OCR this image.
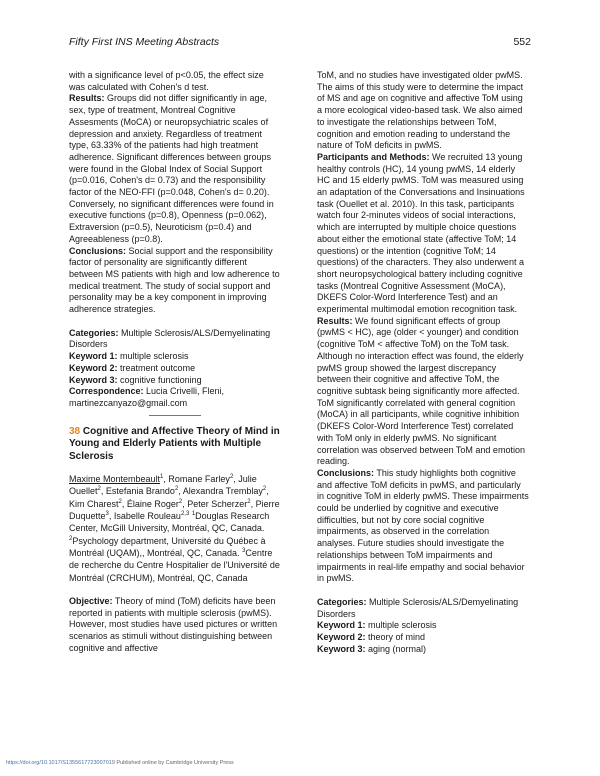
Fifty First INS Meeting Abstracts	552

with a significance level of p<0.05, the effect size was calculated with Cohen's d test.

Results: Groups did not differ significantly in age, sex, type of treatment, Montreal Cognitive Assesments (MoCA) or neuropsychiatric scales of depression and anxiety. Regardless of treatment type, 63.33% of the patients had high treatment adherence. Significant differences between groups were found in the Global Index of Social Support (p=0.016, Cohen's d= 0.73) and the responsibility factor of the NEO-FFI (p=0.048, Cohen's d= 0.20). Conversely, no significant differences were found in executive functions (p=0.8), Openness (p=0.062), Extraversion (p=0.5), Neuroticism (p=0.4) and Agreeableness (p=0.8).

Conclusions: Social support and the responsibility factor of personality are significantly different between MS patients with high and low adherence to medical treatment. The study of social support and personality may be a key component in improving adherence strategies.

Categories: Multiple Sclerosis/ALS/Demyelinating Disorders

Keyword 1: multiple sclerosis

Keyword 2: treatment outcome

Keyword 3: cognitive functioning

Correspondence: Lucia Crivelli, Fleni, martinezcanyazo@gmail.com

38 Cognitive and Affective Theory of Mind in Young and Elderly Patients with Multiple Sclerosis

Maxime Montembeault$^1$, Romane Farley$^2$, Julie Ouellet$^2$, Estefania Brando$^2$, Alexandra Tremblay$^2$, Kim Charest$^2$, Élaine Roger$^2$, Peter Scherzer$^2$, Pierre Duquette$^3$, Isabelle Rouleau$^{2,3}$ $^1$Douglas Research Center, McGill University, Montréal, QC, Canada. $^2$Psychology department, Université du Québec à Montréal (UQAM),, Montréal, QC, Canada. $^3$Centre de recherche du Centre Hospitalier de l'Université de Montréal (CRCHUM), Montréal, QC, Canada

Objective: Theory of mind (ToM) deficits have been reported in patients with multiple sclerosis (pwMS). However, most studies have used pictures or written scenarios as stimuli without distinguishing between cognitive and affective

ToM, and no studies have investigated older pwMS. The aims of this study were to determine the impact of MS and age on cognitive and affective ToM using a more ecological video-based task. We also aimed to investigate the relationships between ToM, cognition and emotion reading to understand the nature of ToM deficits in pwMS.

Participants and Methods: We recruited 13 young healthy controls (HC), 14 young pwMS, 14 elderly HC and 15 elderly pwMS. ToM was measured using an adaptation of the Conversations and Insinuations task (Ouellet et al. 2010). In this task, participants watch four 2-minutes videos of social interactions, which are interrupted by multiple choice questions about either the emotional state (affective ToM; 14 questions) or the intention (cognitive ToM; 14 questions) of the characters. They also underwent a short neuropsychological battery including cognitive tasks (Montreal Cognitive Assessment (MoCA), DKEFS Color-Word Interference Test) and an experimental multimodal emotion recognition task.

Results: We found significant effects of group (pwMS < HC), age (older < younger) and condition (cognitive ToM < affective ToM) on the ToM task. Although no interaction effect was found, the elderly pwMS group showed the largest discrepancy between their cognitive and affective ToM, the cognitive subtask being significantly more affected. ToM significantly correlated with general cognition (MoCA) in all participants, while cognitive inhibition (DKEFS Color-Word Interference Test) correlated with ToM only in elderly pwMS. No significant correlation was observed between ToM and emotion reading.

Conclusions: This study highlights both cognitive and affective ToM deficits in pwMS, and particularly in cognitive ToM in elderly pwMS. These impairments could be underlied by cognitive and executive difficulties, but not by core social cognitive impairments, as observed in the correlation analyses. Future studies should investigate the relationships between ToM impairments and impairments in real-life empathy and social behavior in pwMS.

Categories: Multiple Sclerosis/ALS/Demyelinating Disorders

Keyword 1: multiple sclerosis

Keyword 2: theory of mind

Keyword 3: aging (normal)

https://doi.org/10.1017/S1355617723007019 Published online by Cambridge University Press
